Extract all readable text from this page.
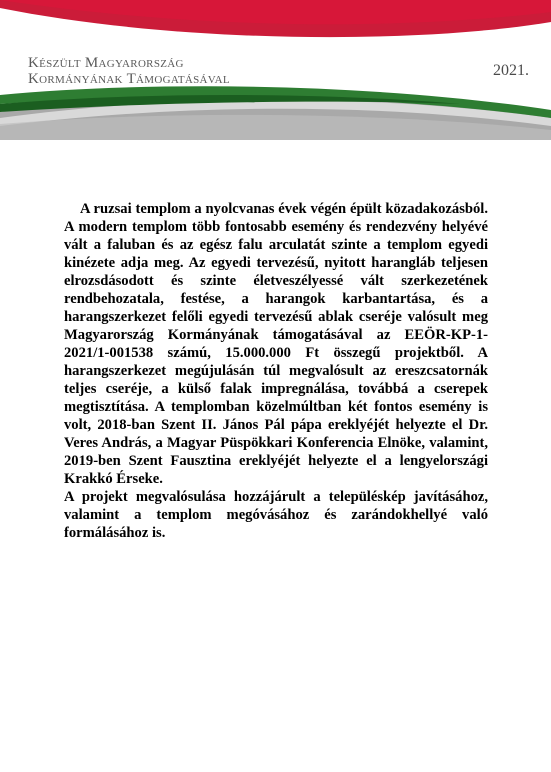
Készült Magyarország
Kormányának Támogatásával	2021.

A ruzsai templom a nyolcvanas évek végén épült közadakozásból. A modern templom több fontosabb esemény és rendezvény helyévé vált a faluban és az egész falu arculatát szinte a templom egyedi kinézete adja meg. Az egyedi tervezésű, nyitott harangláb teljesen elrozsdásodott és szinte életveszélyessé vált szerkezetének rendbehozatala, festése, a harangok karbantartása, és a harangszerkezet felőli egyedi tervezésű ablak cseréje valósult meg Magyarország Kormányának támogatásával az EEÖR-KP-1-2021/1-001538 számú, 15.000.000 Ft összegű projektből. A harangszerkezet megújulásán túl megvalósult az ereszcsatornák teljes cseréje, a külső falak impregnálása, továbbá a cserepek megtisztítása. A templomban közelmúltban két fontos esemény is volt, 2018-ban Szent II. János Pál pápa ereklyéjét helyezte el Dr. Veres András, a Magyar Püspökkari Konferencia Elnöke, valamint, 2019-ben Szent Fausztina ereklyéjét helyezte el a lengyelországi Krakkó Érseke.

A projekt megvalósulása hozzájárult a településkép javításához, valamint a templom megóvásához és zarándokhellyé való formálásához is.
